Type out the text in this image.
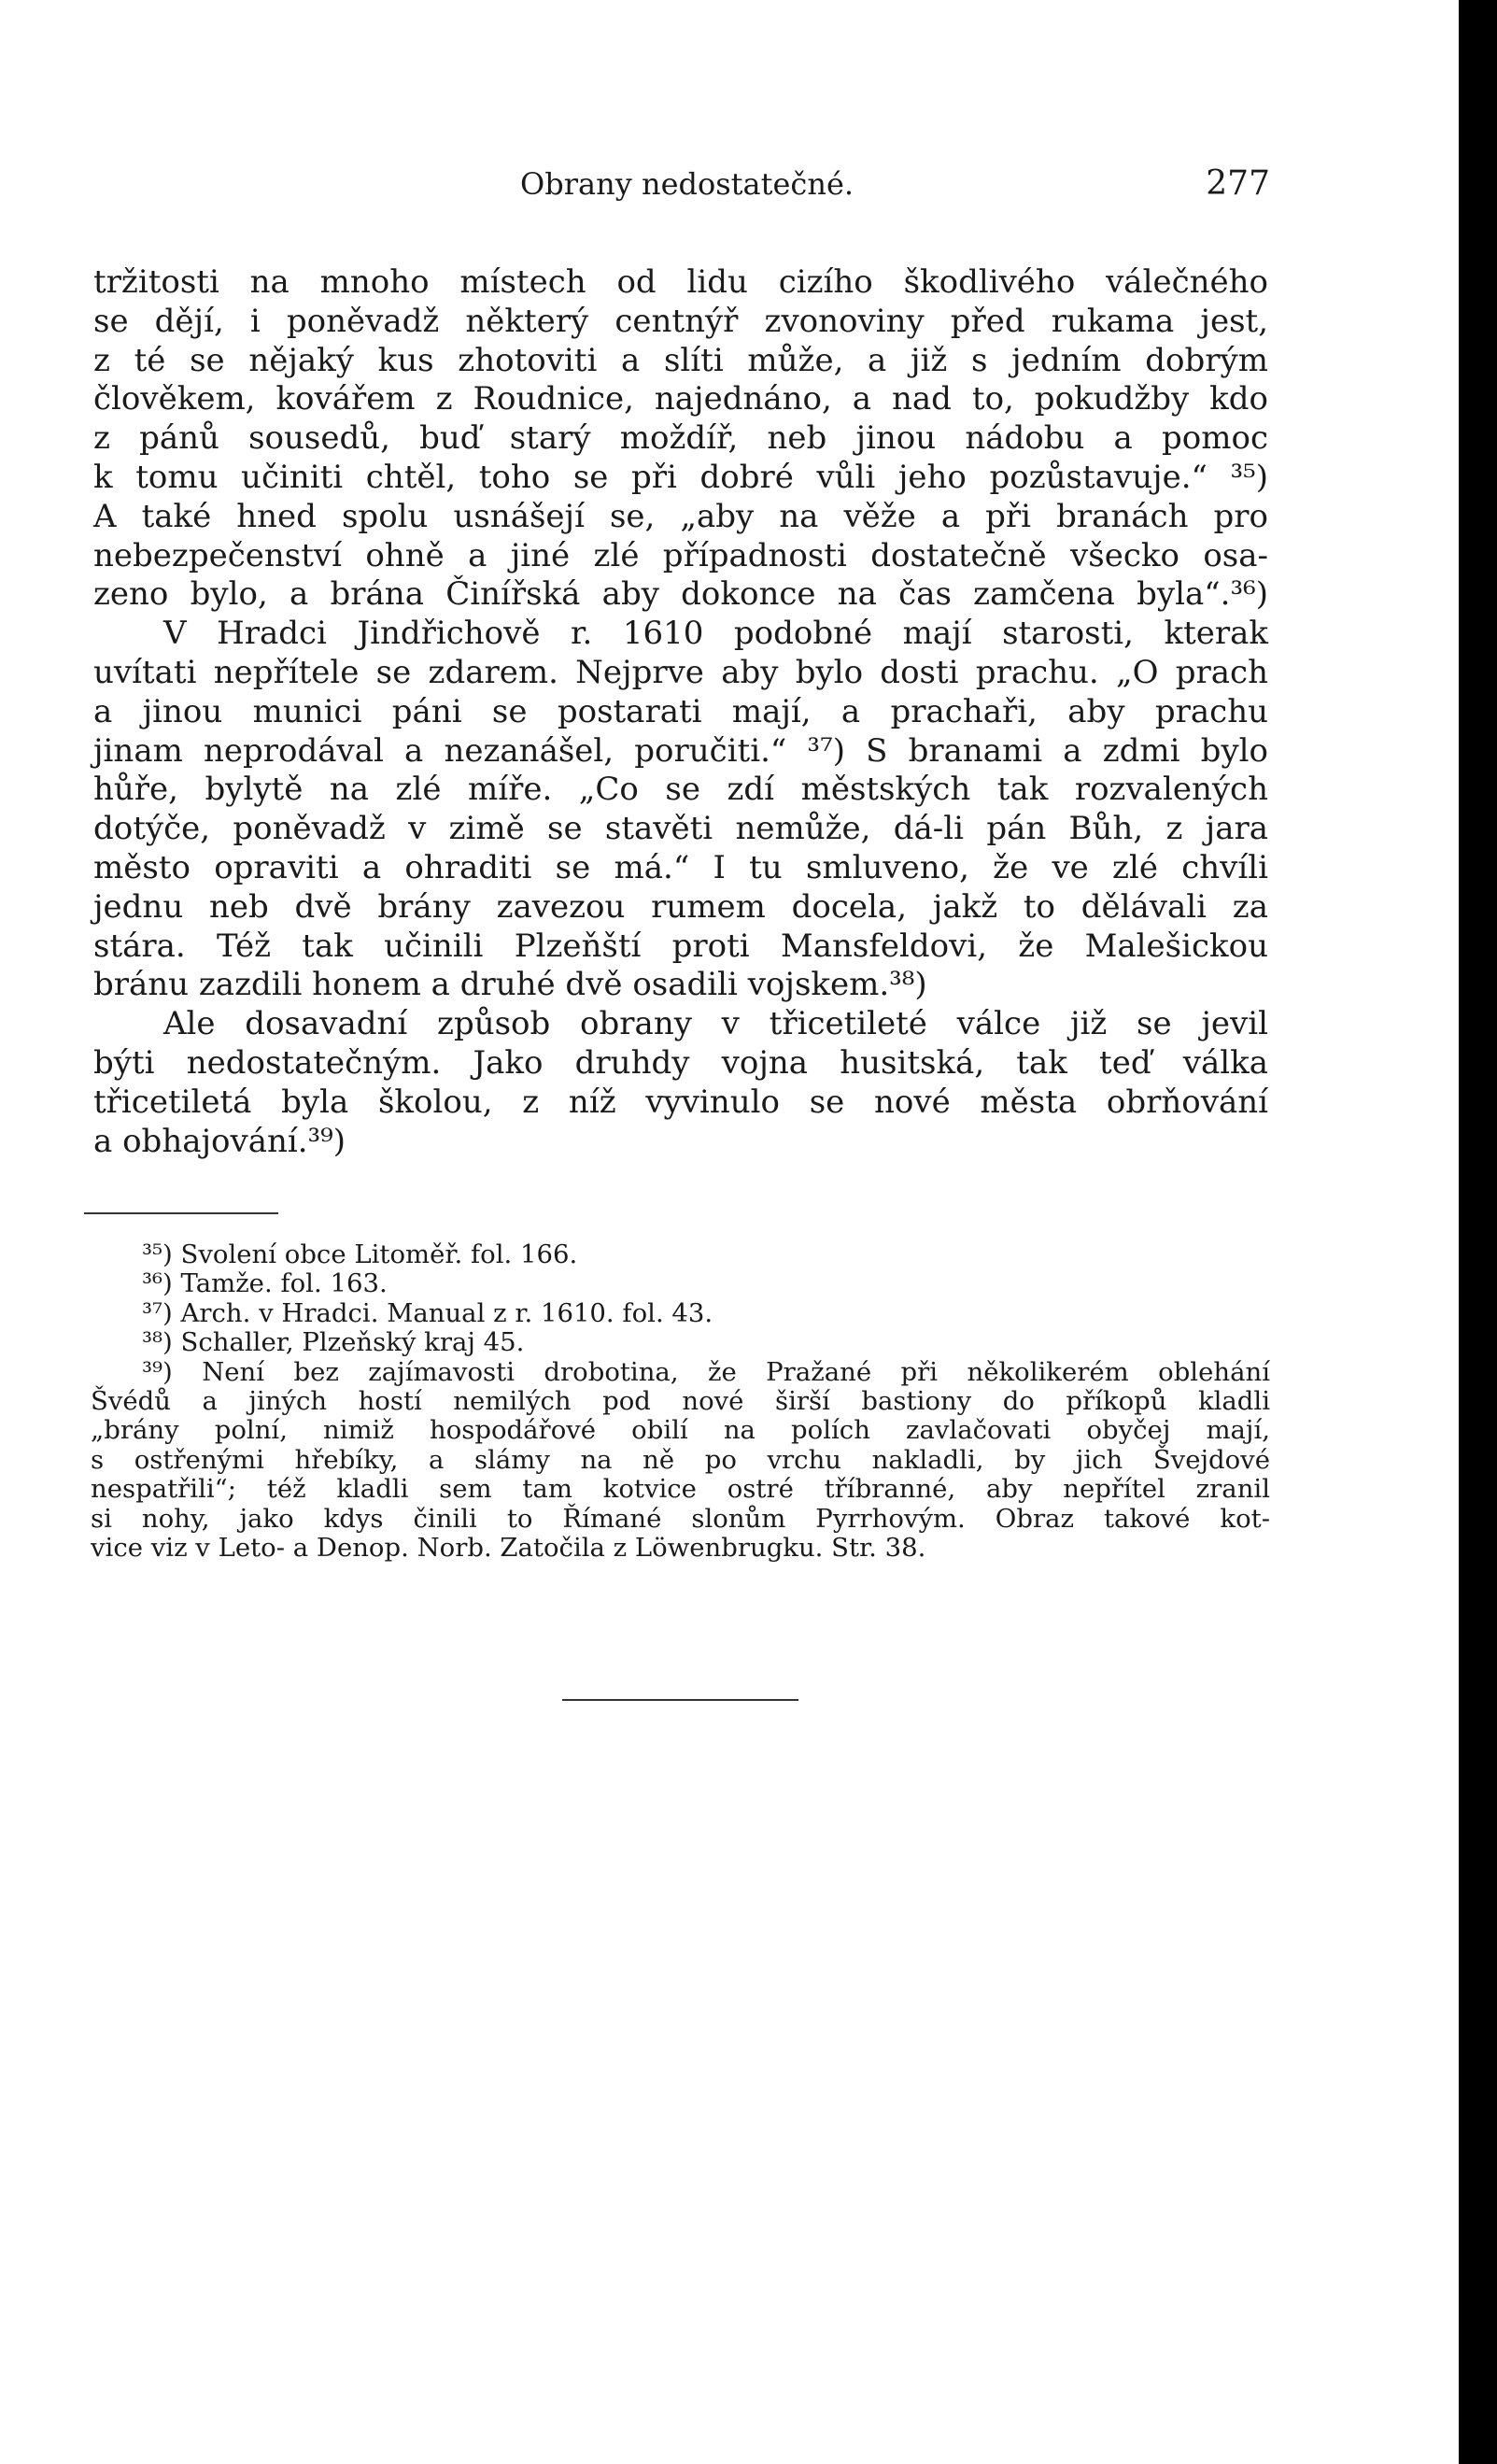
Obrany nedostatečné.	277
tržitosti na mnoho místech od lidu cizího škodlivého válečného
se dějí, i poněvadž některý centnýř zvonoviny před rukama jest,
z té se nějaký kus zhotoviti a slíti může, a již s jedním dobrým
člověkem, kovářem z Roudnice, najednáno, a nad to, pokudžby kdo
z pánů sousedů, buď starý moždíř, neb jinou nádobu a pomoc
k tomu učiniti chtěl, toho se při dobré vůli jeho pozůstavuje.“ ³⁵)
A také hned spolu usnášejí se, „aby na věže a při branách pro
nebezpečenství ohně a jiné zlé případnosti dostatečně všecko osa-
zeno bylo, a brána Činířská aby dokonce na čas zamčena byla“.³⁶)
V Hradci Jindřichově r. 1610 podobné mají starosti, kterak
uvítati nepřítele se zdarem. Nejprve aby bylo dosti prachu. „O prach
a jinou munici páni se postarati mají, a prachaři, aby prachu
jinam neprodával a nezanášel, poručiti.“ ³⁷) S branami a zdmi bylo
hůře, bylytě na zlé míře. „Co se zdí městských tak rozvalených
dotýče, poněvadž v zimě se stavěti nemůže, dá-li pán Bůh, z jara
město opraviti a ohraditi se má.“ I tu smluveno, že ve zlé chvíli
jednu neb dvě brány zavezou rumem docela, jakž to dělávali za
stára. Též tak učinili Plzeňští proti Mansfeldovi, že Malešickou
bránu zazdili honem a druhé dvě osadili vojskem.³⁸)
Ale dosavadní způsob obrany v třicetileté válce již se jevil
býti nedostatečným. Jako druhdy vojna husitská, tak teď válka
třicetiletá byla školou, z níž vyvinulo se nové města obrňování
a obhajování.³⁹)
³⁵) Svolení obce Litoměř. fol. 166.
³⁶) Tamže. fol. 163.
³⁷) Arch. v Hradci. Manual z r. 1610. fol. 43.
³⁸) Schaller, Plzeňský kraj 45.
³⁹) Není bez zajímavosti drobotina, že Pražané při několikerém oblehání
Švédů a jiných hostí nemilých pod nové širší bastiony do příkopů kladli
„brány polní, nimiž hospodářové obilí na polích zavlačovati obyčej mají,
s ostřenými hřebíky, a slámy na ně po vrchu nakladli, by jich Švejdové
nespatřili“; též kladli sem tam kotvice ostré tříbranné, aby nepřítel zranil
si nohy, jako kdys činili to Římané slonům Pyrrhovým. Obraz takové kot-
vice viz v Leto- a Denop. Norb. Zatočila z Löwenbrugku. Str. 38.
